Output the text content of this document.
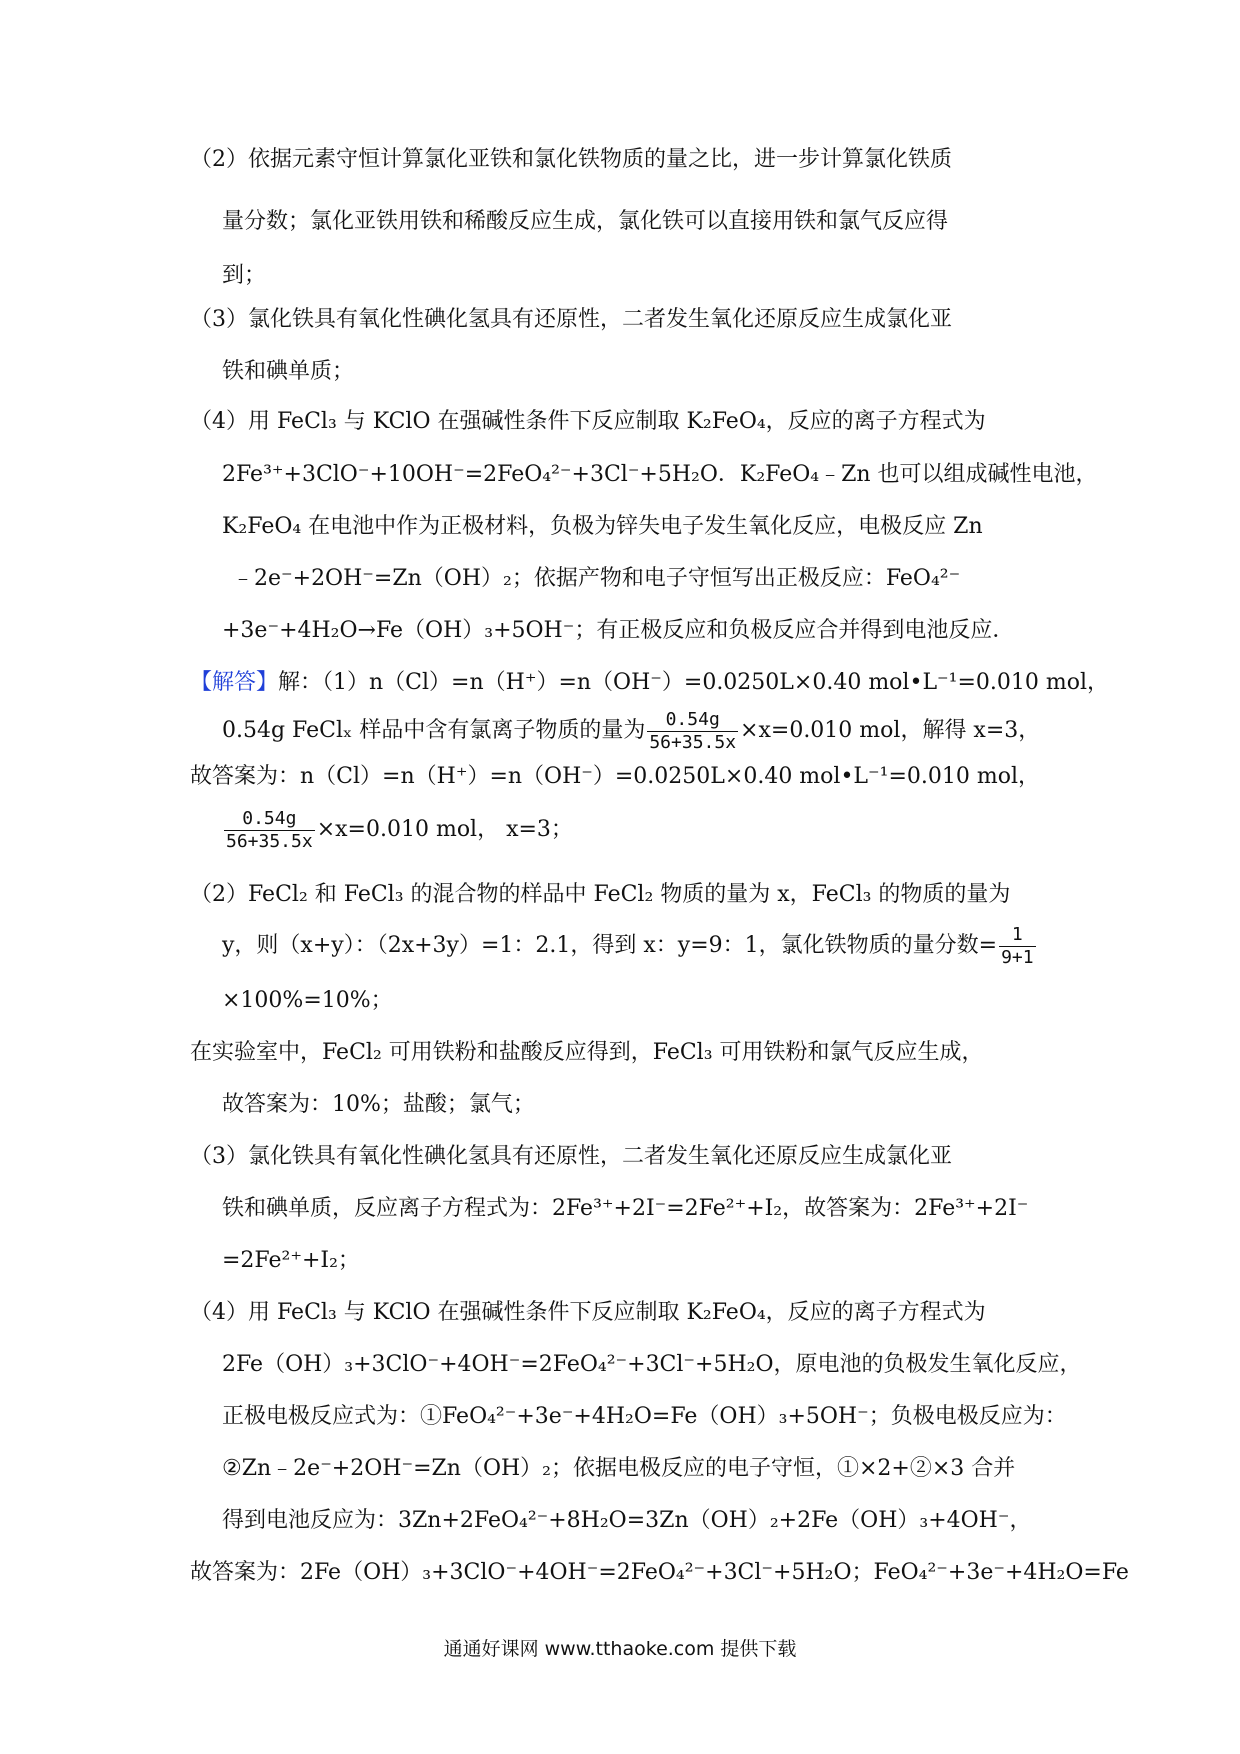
（2）依据元素守恒计算氯化亚铁和氯化铁物质的量之比，进一步计算氯化铁质
量分数；氯化亚铁用铁和稀酸反应生成，氯化铁可以直接用铁和氯气反应得
到；
（3）氯化铁具有氧化性碘化氢具有还原性，二者发生氧化还原反应生成氯化亚
铁和碘单质；
（4）用 FeCl₃ 与 KClO 在强碱性条件下反应制取 K₂FeO₄，反应的离子方程式为
2Fe³⁺+3ClO⁻+10OH⁻=2FeO₄²⁻+3Cl⁻+5H₂O．K₂FeO₄﹣Zn 也可以组成碱性电池，
K₂FeO₄ 在电池中作为正极材料，负极为锌失电子发生氧化反应，电极反应 Zn
﹣2e⁻+2OH⁻=Zn（OH）₂；依据产物和电子守恒写出正极反应：FeO₄²⁻
+3e⁻+4H₂O→Fe（OH）₃+5OH⁻；有正极反应和负极反应合并得到电池反应．
【解答】解：（1）n（Cl）=n（H⁺）=n（OH⁻）=0.0250L×0.40 mol•L⁻¹=0.010 mol，
0.54g FeClₓ 样品中含有氯离子物质的量为 $\frac{0.54g}{56+35.5x} \times x=0.010$ mol，解得 x=3，
故答案为：n（Cl）=n（H⁺）=n（OH⁻）=0.0250L×0.40 mol•L⁻¹=0.010 mol，
$\frac{0.54g}{56+35.5x} \times x=0.010$ mol， x=3；
（2）FeCl₂ 和 FeCl₃ 的混合物的样品中 FeCl₂ 物质的量为 x，FeCl₃ 的物质的量为
y，则（x+y）：（2x+3y）=1：2.1，得到 x：y=9：1，氯化铁物质的量分数= $\frac{1}{9+1}$
×100%=10%；
在实验室中，FeCl₂ 可用铁粉和盐酸反应得到，FeCl₃ 可用铁粉和氯气反应生成，
故答案为：10%；盐酸；氯气；
（3）氯化铁具有氧化性碘化氢具有还原性，二者发生氧化还原反应生成氯化亚
铁和碘单质，反应离子方程式为：2Fe³⁺+2I⁻=2Fe²⁺+I₂，故答案为：2Fe³⁺+2I⁻
=2Fe²⁺+I₂；
（4）用 FeCl₃ 与 KClO 在强碱性条件下反应制取 K₂FeO₄，反应的离子方程式为
2Fe（OH）₃+3ClO⁻+4OH⁻=2FeO₄²⁻+3Cl⁻+5H₂O，原电池的负极发生氧化反应，
正极电极反应式为：①FeO₄²⁻+3e⁻+4H₂O=Fe（OH）₃+5OH⁻；负极电极反应为：
②Zn﹣2e⁻+2OH⁻=Zn（OH）₂；依据电极反应的电子守恒，①×2+②×3 合并
得到电池反应为：3Zn+2FeO₄²⁻+8H₂O=3Zn（OH）₂+2Fe（OH）₃+4OH⁻，
故答案为：2Fe（OH）₃+3ClO⁻+4OH⁻=2FeO₄²⁻+3Cl⁻+5H₂O；FeO₄²⁻+3e⁻+4H₂O=Fe
通通好课网 www.tthaoke.com 提供下载
